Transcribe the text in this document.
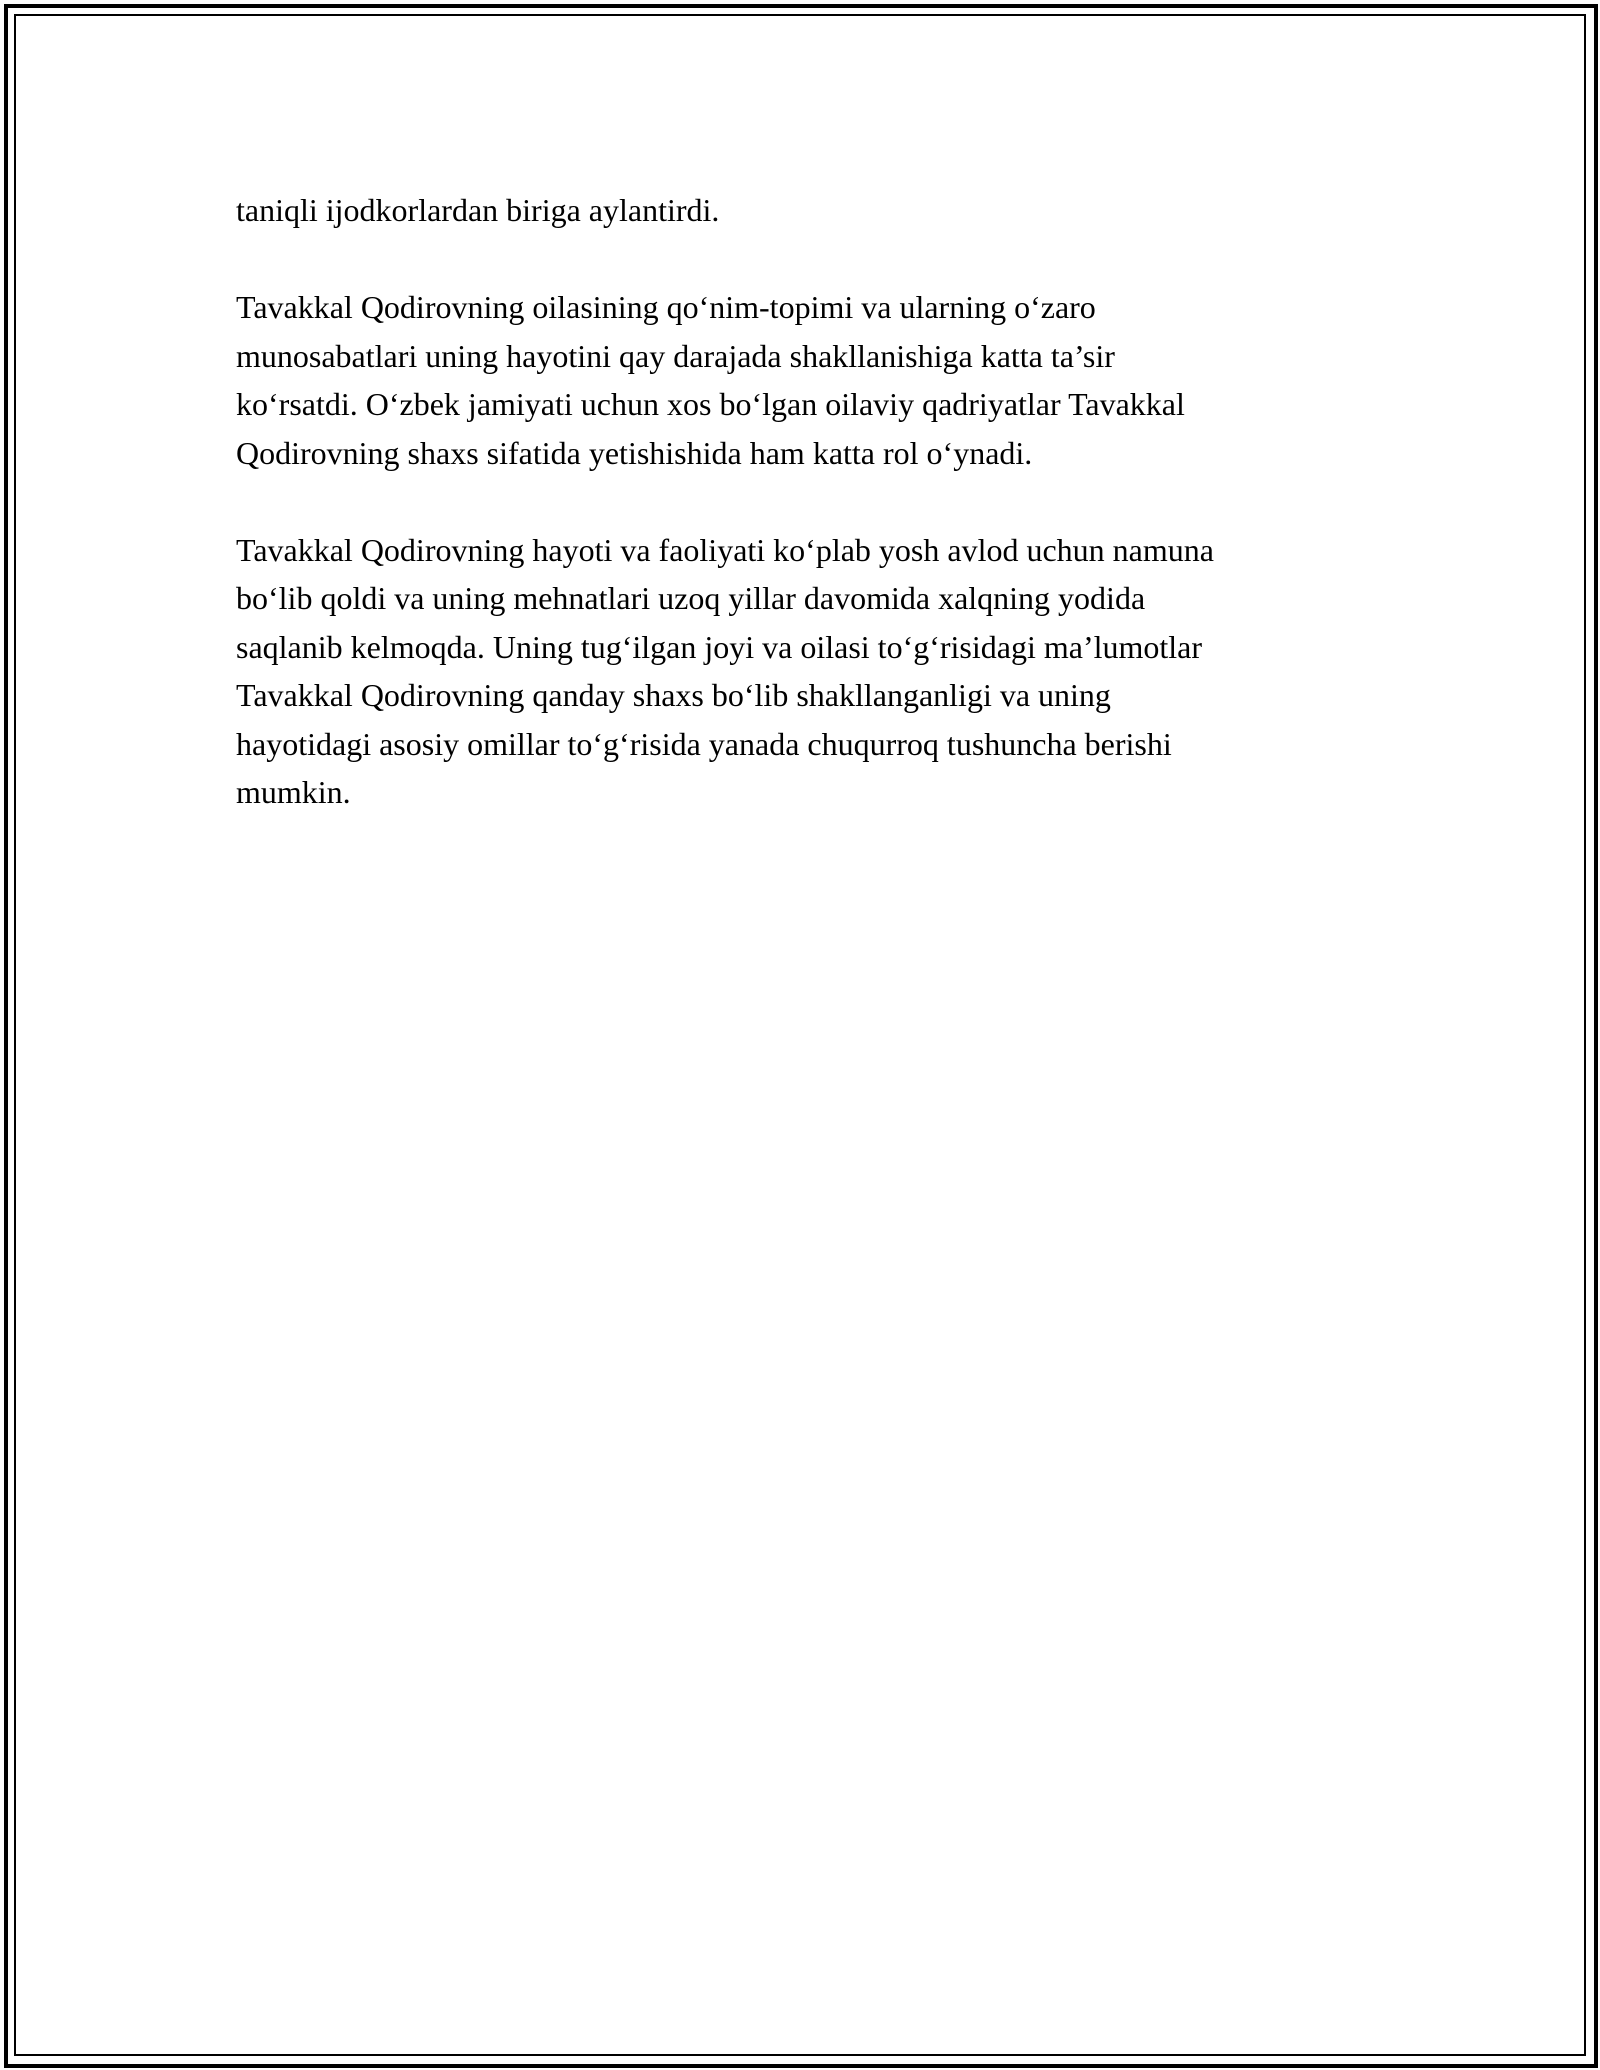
taniqli ijodkorlardan biriga aylantirdi.

Tavakkal Qodirovning oilasining qo‘nim-topimi va ularning o‘zaro
munosabatlari uning hayotini qay darajada shakllanishiga katta ta’sir
ko‘rsatdi. O‘zbek jamiyati uchun xos bo‘lgan oilaviy qadriyatlar Tavakkal
Qodirovning shaxs sifatida yetishishida ham katta rol o‘ynadi.

Tavakkal Qodirovning hayoti va faoliyati ko‘plab yosh avlod uchun namuna
bo‘lib qoldi va uning mehnatlari uzoq yillar davomida xalqning yodida
saqlanib kelmoqda. Uning tug‘ilgan joyi va oilasi to‘g‘risidagi ma’lumotlar
Tavakkal Qodirovning qanday shaxs bo‘lib shakllanganligi va uning
hayotidagi asosiy omillar to‘g‘risida yanada chuqurroq tushuncha berishi
mumkin.
